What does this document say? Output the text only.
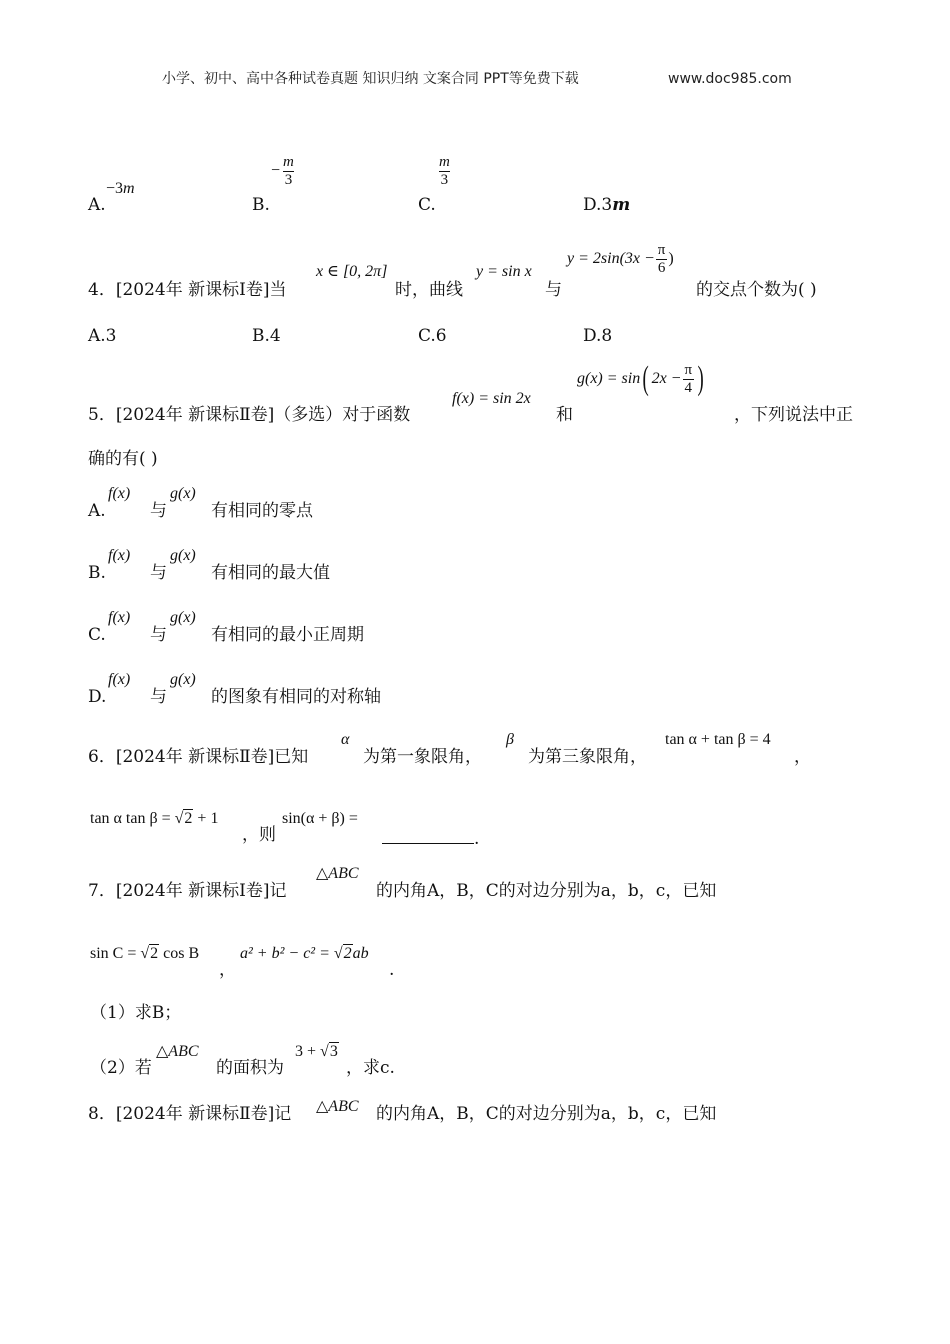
小学、初中、高中各种试卷真题 知识归纳 文案合同 PPT等免费下载	www.doc985.com
A.
−3m
B.
− $\frac{m}{3}$
C.
$\frac{m}{3}$
D.3m
4．[2024年 新课标Ⅰ卷]当
x ∈ [0, 2π]
时，曲线
y = sin x
与
$y = 2\sin(3x - \frac{\pi}{6}$ )
的交点个数为( )
A.3	B.4	C.6	D.8
5．[2024年 新课标Ⅱ卷]（多选）对于函数
f(x) = sin 2x
和
g(x) = sin ( $2x - \frac{\pi}{4}$ )
，下列说法中正
确的有( )
A.
f(x)
与
g(x)
有相同的零点
B.
f(x)
与
g(x)
有相同的最大值
C.
f(x)
与
g(x)
有相同的最小正周期
D.
f(x)
与
g(x)
的图象有相同的对称轴
6．[2024年 新课标Ⅱ卷]已知
α
为第一象限角，
β
为第三象限角，
tan α + tan β = 4
，
tan α tan β = √2 + 1
，则
sin(α + β) =
.
7．[2024年 新课标Ⅰ卷]记
△ABC
的内角A，B，C的对边分别为a，b，c，已知
sin C = √2 cos B
，
a² + b² − c² = √2ab
.
（1）求B；
（2）若
△ABC
的面积为
3 + √3
，求c.
8．[2024年 新课标Ⅱ卷]记 △ABC 的内角A，B，C的对边分别为a，b，c，已知
